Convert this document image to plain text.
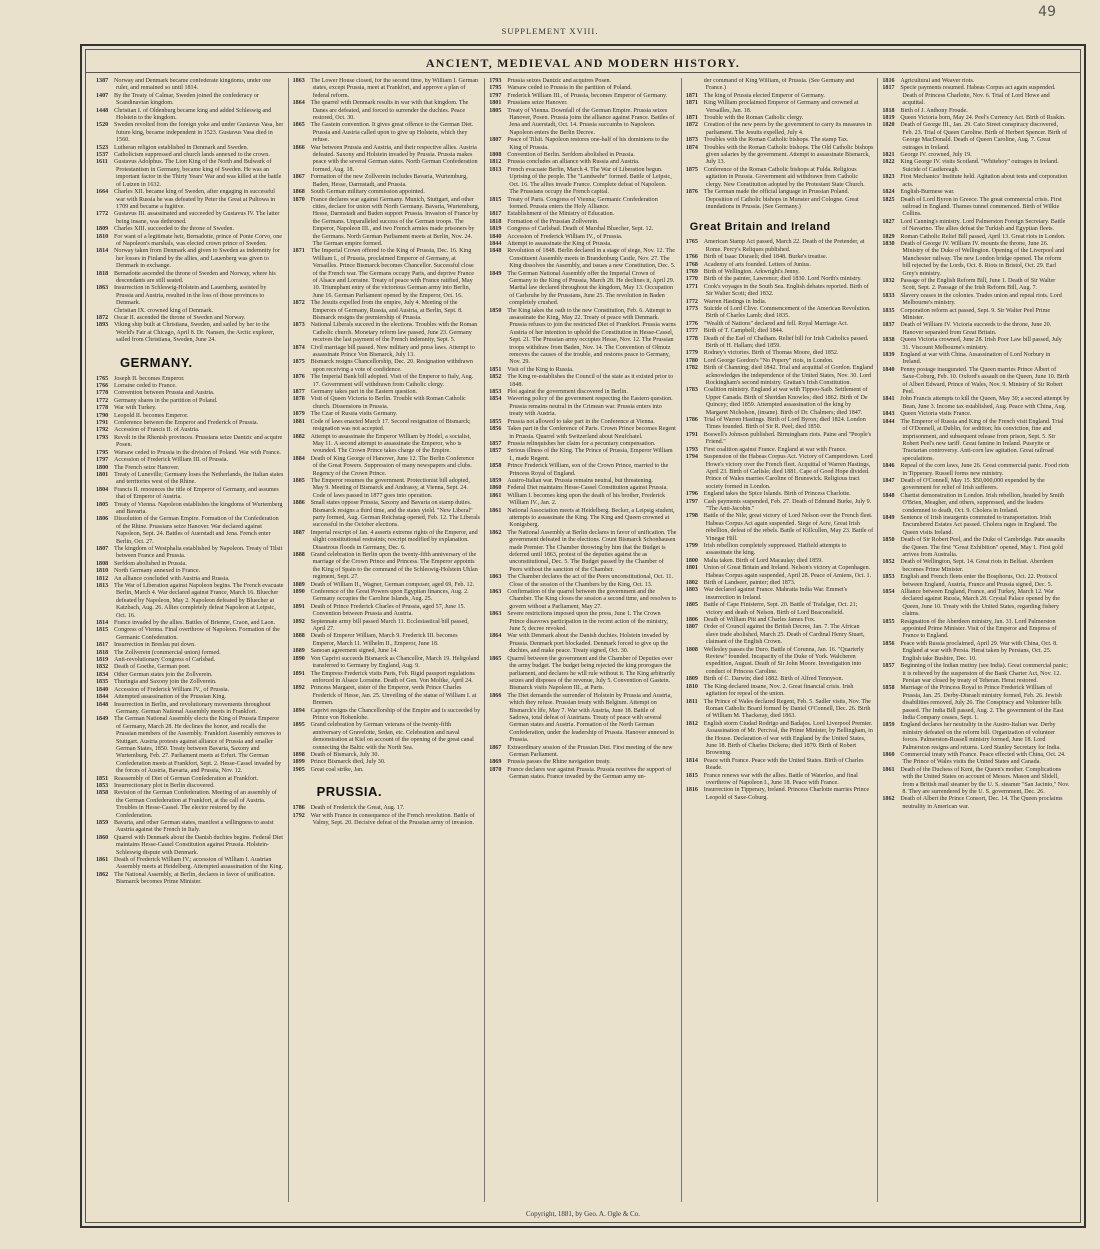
49
SUPPLEMENT XVIII.
ANCIENT, MEDIEVAL AND MODERN HISTORY.

1387 Norway and Denmark became confederate kingdoms, under one ruler, and remained so until 1814.

1407 By the Treaty of Calmar, Sweden joined the confederacy or Scandinavian kingdom.

1448 Christian I. of Oldenburg became king and added Schleswig and Holstein to the kingdom.

1520 Sweden revolted from the foreign yoke and under Gustavus Vasa, her future king, became independent in 1523. Gustavus Vasa died in 1560.

1523 Lutheran religion established in Denmark and Sweden.

1537 Catholicism suppressed and church lands annexed to the crown.

1611 Gustavus Adolphus. The Lion King of the North and Bulwark of Protestantism in Germany, became king of Sweden. He was an important factor in the Thirty Years' War and was killed at the battle of Lutzen in 1632.

1664 Charles XII. became king of Sweden, after engaging in successful war with Russia he was defeated by Peter the Great at Pultowa in 1709 and became a fugitive.

1772 Gustavus III. assassinated and succeeded by Gustavus IV. The latter being insane, was dethroned.

1809 Charles XIII. succeeded to the throne of Sweden.

1810 For want of a legitimate heir, Bernadotte, prince of Ponte Corvo, one of Napoleon's marshals, was elected crown prince of Sweden.

1814 Norway taken from Denmark and given to Sweden as indemnity for her losses in Finland by the allies, and Lauenberg was given to Denmark in exchange.

1818 Bernadotte ascended the throne of Sweden and Norway, where his descendants are still seated.

1863 Insurrection in Schleswig-Holstein and Lauenberg, assisted by Prussia and Austria, resulted in the loss of those provinces to Denmark.

Christian IX. crowned king of Denmark.

1872 Oscar II. ascended the throne of Sweden and Norway.

1893 Viking ship built at Christiana, Sweden, and sailed by her to the World's Fair at Chicago, April 8. Dr. Nansen, the Arctic explorer, sailed from Christiana, Sweden, June 24.

GERMANY.

1765 Joseph II. becomes Emperor.

1766 Lorraine ceded to France.

1778 Convention between Prussia and Austria.

1772 Germany shares in the partition of Poland.

1778 War with Turkey.

1790 Leopold II. becomes Emperor.

1791 Conference between the Emperor and Frederick of Prussia.

1792 Accession of Francis II. of Austria.

1793 Revolt in the Rhenish provinces. Prussians seize Dantzic and acquire Posen.

1795 Warsaw ceded to Prussia in the division of Poland. War with France.

1797 Accession of Frederick William III. of Prussia.

1800 The French seize Hanover.

1801 Treaty of Luneville; Germany loses the Netherlands, the Italian states and territories west of the Rhine.

1804 Francis II. renounces the title of Emperor of Germany, and assumes that of Emperor of Austria.

1805 Treaty of Vienna. Napoleon establishes the kingdoms of Wurtemberg and Bavaria.

1806 Dissolution of the German Empire. Formation of the Confederation of the Rhine. Prussians seize Hanover. War declared against Napoleon, Sept. 24. Battles of Auerstadt and Jena. French enter Berlin, Oct. 27.

1807 The kingdom of Westphalia established by Napoleon. Treaty of Tilsit between France and Prussia.

1808 Serfdom abolished in Prussia.

1810 North Germany annexed to France.

1812 An alliance concluded with Austria and Russia.

1813 The War of Liberation against Napoleon begins. The French evacuate Berlin, March 4. War declared against France, March 16. Bluecher defeated by Napoleon, May 2. Napoleon defeated by Bluecher at Katzbach, Aug. 26. Allies completely defeat Napoleon at Leipsic, Oct. 16.

1814 France invaded by the allies. Battles of Brienne, Craon, and Laon.

1815 Congress of Vienna. Final overthrow of Napoleon. Formation of the Germanic Confederation.

1817 Insurrection in Breslau put down.

1818 The Zollverein (commercial union) formed.

1819 Anti-revolutionary Congress of Carlsbad.

1832 Death of Goethe, German poet.

1834 Other German states join the Zollverein.

1835 Thuringia and Saxony join the Zollverein.

1840 Accession of Frederick William IV., of Prussia.

1844 Attempted assassination of the Prussian King.

1848 Insurrection in Berlin, and revolutionary movements throughout Germany. German National Assembly meets in Frankfort.

1849 The German National Assembly elects the King of Prussia Emperor of Germany, March 28. He declines the honor, and recalls the Prussian members of the Assembly. Frankfort Assembly removes to Stuttgart. Austria protests against alliance of Prussia and smaller German States, 1850. Treaty between Bavaria, Saxony and Wurtemburg, Feb. 27. Parliament meets at Erfurt. The German Confederation meets at Frankfort, Sept. 2. Hesse-Cassel invaded by the forces of Austria, Bavaria, and Prussia, Nov. 12.

1851 Reassembly of Diet of German Confederation at Frankfort.

1853 Insurrectionary plot in Berlin discovered.

1858 Revision of the German Confederation. Meeting of an assembly of the German Confederation at Frankfort, at the call of Austria. Troubles in Hesse-Cassel. The elector restored by the Confederation.

1859 Bavaria, and other German states, manifest a willingness to assist Austria against the French in Italy.

1860 Quarrel with Denmark about the Danish duchies begins. Federal Diet maintains Hesse-Cassel Constitution against Prussia. Holstein-Schleswig dispute with Denmark.

1861 Death of Frederick William IV.; accession of William I. Austrian Assembly meets at Heidelberg. Attempted assassination of the King.

1862 The National Assembly, at Berlin, declares in favor of unification. Bismarck becomes Prime Minister.

1863 The Lower House closed, for the second time, by William I. German states, except Prussia, meet at Frankfort, and approve a plan of federal reform.

1864 The quarrel with Denmark results in war with that kingdom. The Danes are defeated, and forced to surrender the duchies. Peace restored, Oct. 30.

1865 The Gastein convention. It gives great offence to the German Diet. Prussia and Austria called upon to give up Holstein, which they refuse.

1866 War between Prussia and Austria, and their respective allies. Austria defeated. Saxony and Holstein invaded by Prussia. Prussia makes peace with the several German states. North German Confederation formed, Aug. 18.

1867 Formation of the new Zollverein includes Bavaria, Wurtemburg, Baden, Hesse, Darmstadt, and Prussia.

1868 South German military commission appointed.

1870 France declares war against Germany. Munich, Stuttgart, and other cities, declare for union with North Germany. Bavaria, Wurtemburg, Hesse, Darmstadt and Baden support Prussia. Invasion of France by the Germans. Unparalleled success of the German troops. The Emperor, Napoleon III., and two French armies made prisoners by the Germans. North German Parliament meets at Berlin, Nov. 24. The German empire formed.

1871 The Imperial Crown offered to the King of Prussia, Dec. 16. King William I., of Prussia, proclaimed Emperor of Germany, at Versailles. Prince Bismarck becomes Chancellor. Successful close of the French war. The Germans occupy Paris, and deprive France of Alsace and Lorraine. Treaty of peace with France ratified, May 10. Triumphant entry of the victorious German army into Berlin, June 16. German Parliament opened by the Emperor, Oct. 16.

1872 The Jesuits expelled from the empire, July 4. Meeting of the Emperors of Germany, Russia, and Austria, at Berlin, Sept. 8. Bismarck resigns the premiership of Prussia.

1873 National Liberals succeed in the elections. Troubles with the Roman Catholic church. Monetary reform law passed, June 23. Germany receives the last payment of the French indemnity, Sept. 5.

1874 Civil marriage bill passed. New military and press laws. Attempt to assassinate Prince Von Bismarck, July 13.

1875 Bismarck resigns Chancellorship, Dec. 20. Resignation withdrawn upon receiving a vote of confidence.

1876 The Imperial Bank bill adopted. Visit of the Emperor to Italy, Aug. 17. Government will withdrawn from Catholic clergy.

1877 Germany takes part in the Eastern question.

1878 Visit of Queen Victoria to Berlin. Trouble with Roman Catholic church. Dissensions in Prussia.

1879 The Czar of Russia visits Germany.

1881 Code of laws enacted March 17. Second resignation of Bismarck; resignation was not accepted.

1882 Attempt to assassinate the Emperor William by Hodel, a socialist, May 11. A second attempt to assassinate the Emperor, who is wounded. The Crown Prince takes charge of the Empire.

1884 Death of King George of Hanover, June 12. The Berlin Conference of the Great Powers. Suppression of many newspapers and clubs. Regency of the Crown Prince.

1885 The Emperor resumes the government. Protectionist bill adopted, May 9. Meeting of Bismarck and Andrassy, at Vienna, Sept. 24. Code of laws passed in 1877 goes into operation.

1886 Small states oppose Prussia, Saxony and Bavaria on stamp duties. Bismarck resigns a third time, and the states yield. "New Liberal" party formed, Aug. German Reichstag opened, Feb. 12. The Liberals successful in the October elections.

1887 Imperial rescript of Jan. 4 asserts extreme rights of the Emperor, and slight constitutional restraints; rescript modified by explanation. Disastrous floods in Germany, Dec. 6.

1888 Grand celebration in Berlin upon the twenty-fifth anniversary of the marriage of the Crown Prince and Princess. The Emperor appoints the King of Spain to the command of the Schleswig-Holstein Uhlan regiment, Sept. 27.

1889 Death of William II., Wagner, German composer, aged 69, Feb. 12.

1890 Conference of the Great Powers upon Egyptian finances, Aug. 2. Germany occupies the Caroline Islands, Aug. 25.

1891 Death of Prince Frederick Charles of Prussia, aged 57, June 15. Convention between Prussia and Austria.

1892 Septennate army bill passed March 11. Ecclesiastical bill passed, April 27.

1888 Death of Emperor William, March 9. Frederick III. becomes Emperor, March 11. Wilhelm II., Emperor, June 18.

1889 Samoan agreement signed, June 14.

1890 Von Caprivi succeeds Bismarck as Chancellor, March 19. Heligoland transferred to Germany by England, Aug. 9.

1891 The Empress Frederick visits Paris, Feb. Rigid passport regulations enforced in Alsace Lorraine. Death of Gen. Von Moltke, April 24.

1892 Princess Margaret, sister of the Emperor, weds Prince Charles Frederick of Hesse, Jan. 25. Unveiling of the statue of William I. at Bremen.

1894 Caprivi resigns the Chancellorship of the Empire and is succeeded by Prince von Hohenlohe.

1895 Grand celebration by German veterans of the twenty-fifth anniversary of Gravelotte, Sedan, etc. Celebration and naval demonstration at Kiel on account of the opening of the great canal connecting the Baltic with the North Sea.

1898 Death of Bismarck, July 30.

1899 Prince Bismarck died, July 30.

1905 Great coal strike, Jan.

PRUSSIA.

1786 Death of Frederick the Great, Aug. 17.

1792 War with France in consequence of the French revolution. Battle of Valmy, Sept. 20. Decisive defeat of the Prussian army of invasion.

1793 Prussia seizes Dantzic and acquires Posen.

1795 Warsaw ceded to Prussia in the partition of Poland.

1797 Frederick William III., of Prussia, becomes Emperor of Germany.

1801 Prussians seize Hanover.

1805 Treaty of Vienna. Downfall of the German Empire. Prussia seizes Hanover, Posen. Prussia joins the alliance against France. Battles of Jena and Auerstadt, Oct. 14. Prussia succumbs to Napoleon. Napoleon enters the Berlin Decree.

1807 Peace of Tilsit. Napoleon restores one-half of his dominions to the King of Prussia.

1808 Convention of Berlin. Serfdom abolished in Prussia.

1812 Prussia concludes an alliance with Russia and Austria.

1813 French evacuate Berlin, March 4. The War of Liberation begun. Uprising of the people. The "Landwehr" formed. Battle of Leipsic, Oct. 16. The allies invade France. Complete defeat of Napoleon. The Prussians occupy the French capital.

1815 Treaty of Paris. Congress of Vienna; Germanic Confederation formed. Prussia enters the Holy Alliance.

1817 Establishment of the Ministry of Education.

1818 Formation of the Prussian Zollverein.

1819 Congress of Carlsbad. Death of Marshal Bluecher, Sept. 12.

1840 Accession of Frederick William IV., of Prussia.

1844 Attempt to assassinate the King of Prussia.

1848 Revolution of 1848. Berlin declared in a stage of siege, Nov. 12. The Constituent Assembly meets in Brandenburg Castle, Nov. 27. The King dissolves the Assembly, and issues a new Constitution, Dec. 5.

1849 The German National Assembly offer the Imperial Crown of Germany to the King of Prussia, March 28. He declines it, April 29. Martial law declared throughout the kingdom, May 13. Occupation of Carlsruhe by the Prussians, June 25. The revolution in Baden completely crushed.

1850 The King takes the oath to the new Constitution, Feb. 6. Attempt to assassinate the King, May 22. Treaty of peace with Denmark. Prussia refuses to join the restricted Diet of Frankfort. Prussia warns Austria of her intention to uphold the Constitution in Hesse-Cassel, Sept. 21. The Prussian army occupies Hesse, Nov. 12. The Prussian troops withdraw from Baden, Nov. 14. The Convention of Olmutz removes the causes of the trouble, and restores peace to Germany, Nov. 29.

1851 Visit of the King to Russia.

1852 The King re-establishes the Council of the state as it existed prior to 1848.

1853 Plot against the government discovered in Berlin.

1854 Wavering policy of the government respecting the Eastern question. Prussia remains neutral in the Crimean war. Prussia enters into treaty with Austria.

1855 Prussia not allowed to take part in the Conference at Vienna.

1856 Takes part in the Conference of Paris. Crown Prince becomes Regent in Prussia. Quarrel with Switzerland about Neufchatel.

1857 Prussia relinquishes her claim for a pecuniary compensation.

1857 Serious illness of the King. The Prince of Prussia, Emperor William I., made Regent.

1858 Prince Frederick William, son of the Crown Prince, married to the Princess Royal of England.

1859 Austro-Italian war. Prussia remains neutral, but threatening.

1860 Federal Diet maintains Hesse-Cassel Constitution against Prussia.

1861 William I. becomes king upon the death of his brother, Frederick William IV., Jan. 2.

1861 National Association meets at Heidelberg. Becker, a Leipsig student, attempts to assassinate the King. The King and Queen crowned at Konigsberg.

1862 The National Assembly at Berlin declares in favor of unification. The government defeated in the elections. Count Bismarck Schonhausen made Premier. The Chamber throwing by him that the Budget is deferred until 1863, protest of the deputies against the as unconstitutional, Dec. 5. The Budget passed by the Chamber of Peers without the sanction of the Chamber.

1863 The Chamber declares the act of the Peers unconstitutional, Oct. 11. Close of the session of the Chambers by the King, Oct. 13.

1863 Confirmation of the quarrel between the government and the Chamber. The King closes the session a second time, and resolves to govern without a Parliament, May 27.

1863 Severe restrictions imposed upon the press, June 1. The Crown Prince disavows participation in the recent action of the ministry, June 5; decree revoked.

1864 War with Denmark about the Danish duchies. Holstein invaded by Prussia. Denmark port blockaded. Denmark forced to give up the duchies, and make peace. Treaty signed, Oct. 30.

1865 Quarrel between the government and the Chamber of Deputies over the army budget. The budget being rejected the king prorogues the parliament, and declares he will rule without it. The King arbitrarily seizes and disposes of the revenue, July 5. Convention of Gastein. Bismarck visits Napoleon III., at Paris.

1866 The Diet demands the surrender of Holstein by Prussia and Austria, which they refuse. Prussian treaty with Belgium. Attempt on Bismarck's life, May 7. War with Austria, June 18. Battle of Sadowa, total defeat of Austrians. Treaty of peace with several German states and Austria. Formation of the North German Confederation, under the leadership of Prussia. Hanover annexed to Prussia.

1867 Extraordinary session of the Prussian Diet. First meeting of the new German Parliament.

1869 Prussia passes the Rhine navigation treaty.

1870 France declares war against Prussia. Prussia receives the support of German states. France invaded by the German army un-

der command of King William, of Prussia. (See Germany and France.)

1871 The king of Prussia elected Emperor of Germany.

1871 King William proclaimed Emperor of Germany and crowned at Versailles, Jan. 18.

1871 Trouble with the Roman Catholic clergy.

1872 Creation of the new peers by the government to carry its measures in parliament. The Jesuits expelled, July 4.

1873 Troubles with the Roman Catholic bishops. The stamp Tax.

1874 Troubles with the Roman Catholic bishops. The Old Catholic bishops given salaries by the government. Attempt to assassinate Bismarck, July 13.

1875 Conference of the Roman Catholic bishops at Fulda. Religious agitation in Prussia. Government aid withdrawn from Catholic clergy. New Constitution adopted by the Protestant State Church.

1876 The German made the official language in Prussian Poland. Deposition of Catholic bishops in Munster and Cologne. Great inundations in Prussia. (See Germany.)

Great Britain and Ireland

1765 American Stamp Act passed, March 22. Death of the Pretender, at Rome. Percy's Reliques published.

1766 Birth of Isaac Disraeli; died 1848. Burke's treatise.

1768 Academy of arts founded. Letters of Junius.

1769 Birth of Wellington. Arkwright's Jenny.

1770 Birth of the painter, Lawrence; died 1830. Lord North's ministry.

1771 Cook's voyages in the South Sea. English debates reported. Birth of Sir Walter Scott; died 1832.

1772 Warren Hastings in India.

1773 Suicide of Lord Clive. Commencement of the American Revolution. Birth of Charles Lamb; died 1835.

1776 "Wealth of Nations" declared and fell. Royal Marriage Act.

1777 Birth of T. Campbell; died 1844.

1778 Death of the Earl of Chatham. Relief bill for Irish Catholics passed. Birth of H. Hallam; died 1859.

1779 Rodney's victories. Birth of Thomas Moore, died 1852.

1780 Lord George Gordon's "No Popery" riots, in London.

1782 Birth of Channing; died 1842. Trial and acquittal of Gordon. England acknowledges the independence of the United States, Nov. 30. Lord Rockingham's second ministry. Grattan's Irish Constitution.

1783 Coalition ministry. England at war with Tippoo-Saib. Settlement of Upper Canada. Birth of Sheridan Knowles; died 1862. Birth of De Quincey; died 1859. Attempted assassination of the king by Margaret Nicholson, (insane). Birth of Dr. Chalmers; died 1847.

1786 Trial of Warren Hastings. Birth of Lord Byron; died 1824. London Times founded. Birth of Sir R. Peel; died 1850.

1791 Boswell's Johnson published. Birmingham riots. Paine and "People's Friend."

1793 First coalition against France. England at war with France.

1794 Suspension of the Habeas Corpus Act. Victory of Camperdown. Lord Howe's victory over the French fleet. Acquittal of Warren Hastings, April 23. Birth of Carlisle; died 1881. Cape of Good Hope divided. Prince of Wales marries Caroline of Brunswick. Religious tract society formed in London.

1796 England takes the Spice Islands. Birth of Princess Charlotte.

1797 Cash payments suspended, Feb. 27. Death of Edmund Burke, July 9. "The Anti-Jacobin."

1798 Battle of the Nile; great victory of Lord Nelson over the French fleet. Habeas Corpus Act again suspended. Siege of Acre, Great Irish rebellion, defeat of the rebels. Battle of Killcullen, May 23. Battle of Vinegar Hill.

1799 Irish rebellion completely suppressed. Hatfield attempts to assassinate the king.

1800 Malta taken. Birth of Lord Macaulay; died 1859.

1801 Union of Great Britain and Ireland. Nelson's victory at Copenhagen. Habeas Corpus again suspended, April 28. Peace of Amiens, Oct. 1.

1802 Birth of Landseer, painter; died 1873.

1803 War declared against France. Mahratta India War. Emmet's insurrection in Ireland.

1805 Battle of Cape Finisterre, Sept. 20. Battle of Trafalgar, Oct. 21; victory and death of Nelson. Birth of Lord Beaconsfield.

1806 Death of William Pitt and Charles James Fox.

1807 Order of Council against the British Decree, Jan. 7. The African slave trade abolished, March 25. Death of Cardinal Henry Stuart, claimant of the English Crown.

1808 Wellesley passes the Duro. Battle of Corunna, Jan. 16. "Quarterly Review" founded. Incapacity of the Duke of York. Walcheren expedition, August. Death of Sir John Moore. Investigation into conduct of Princess Caroline.

1809 Birth of C. Darwin; died 1882. Birth of Alfred Tennyson.

1810 The King declared insane, Nov. 2. Great financial crisis. Irish agitation for repeal of the union.

1811 The Prince of Wales declared Regent, Feb. 5. Sadler visits, Nov. The Roman Catholic Board formed by Daniel O'Connell, Dec. 26. Birth of William M. Thackeray, died 1863.

1812 English storm Ciudad Rodrigo and Badajos. Lord Liverpool Premier. Assassination of Mr. Percival, the Prime Minister, by Bellingham, in the House. Declaration of war with England by the United States, June 18. Birth of Charles Dickens; died 1870. Birth of Robert Browning.

1814 Peace with France. Peace with the United States. Birth of Charles Reade.

1815 France renews war with the allies. Battle of Waterloo, and final overthrow of Napoleon I., June 18. Peace with France.

1816 Insurrection in Tipperary, Ireland. Princess Charlotte marries Prince Leopold of Saxe-Coburg.

1816 Agricultural and Weaver riots.

1817 Specie payments resumed. Habeas Corpus act again suspended. Death of Princess Charlotte, Nov. 6. Trial of Lord Howe and acquittal.

1818 Birth of J. Anthony Froude.

1819 Queen Victoria born, May 24. Peel's Currency Act. Birth of Ruskin.

1820 Death of George III., Jan. 29. Cato Street conspiracy discovered, Feb. 23. Trial of Queen Caroline. Birth of Herbert Spencer. Birth of George MacDonald. Death of Queen Caroline, Aug. 7. Great outrages in Ireland.

1821 George IV. crowned, July 19.

1822 King George IV. visits Scotland. "Whiteboy" outrages in Ireland. Suicide of Castlereagh.

1823 First Mechanics' Institute held. Agitation about tests and corporation acts.

1824 English-Burmese war.

1825 Death of Lord Byron in Greece. The great commercial crisis. First railroad in England. Thames tunnel commenced. Birth of Wilkie Collins.

1827 Lord Canning's ministry. Lord Palmerston Foreign Secretary. Battle of Navarino. The allies defeat the Turkish and Egyptian fleets.

1829 Roman Catholic Relief Bill passed, April 13. Great riots in London.

1830 Death of George IV. William IV. mounts the throne, June 26. Ministry of the Duke of Wellington. Opening of the Liverpool and Manchester railway. The new London bridge opened. The reform bill rejected by the Lords, Oct. 8. Riots in Bristol, Oct. 29. Earl Grey's ministry.

1832 Passage of the English Reform Bill, June 1. Death of Sir Walter Scott, Sept. 2. Passage of the Irish Reform Bill, Aug. 7.

1833 Slavery ceases in the colonies. Trades union and repeal riots. Lord Melbourne's ministry.

1835 Corporation reform act passed, Sept. 9. Sir Walter Peel Prime Minister.

1837 Death of William IV. Victoria succeeds to the throne, June 20. Hanover separated from Great Britain.

1838 Queen Victoria crowned, June 28. Irish Poor Law bill passed, July 31. Viscount Melbourne's ministry.

1839 England at war with China. Assassination of Lord Norbury in Ireland.

1840 Penny postage inaugurated. The Queen marries Prince Albert of Saxe-Coburg, Feb. 10. Oxford's assault on the Queen, June 10. Birth of Albert Edward, Prince of Wales, Nov. 9. Ministry of Sir Robert Peel.

1841 John Francis attempts to kill the Queen, May 30; a second attempt by Bean, June 3. Income tax established, Aug. Peace with China, Aug.

1843 Queen Victoria visits France.

1844 The Emperor of Russia and King of the French visit England. Trial of O'Donnell, at Dublin, for sedition; his conviction, fine and imprisonment, and subsequent release from prison, Sept. 5. Sir Robert Peel's new tariff. Great famine in Ireland. Puseyite or Tractarian controversy. Anti-corn law agitation. Great railroad speculations.

1846 Repeal of the corn laws, June 26. Great commercial panic. Food riots in Tipperary. Russell forms new ministry.

1847 Death of O'Connell, May 15. $50,000,000 expended by the government for relief of Irish sufferers.

1848 Chartist demonstration in London. Irish rebellion, headed by Smith O'Brien, Meagher, and others, suppressed, and the leaders condemned to death, Oct. 9. Cholera in Ireland.

1849 Sentence of Irish insurgents commuted to transportation. Irish Encumbered Estates Act passed. Cholera rages in England. The Queen visits Ireland.

1850 Death of Sir Robert Peel, and the Duke of Cambridge. Pate assaults the Queen. The first "Great Exhibition" opened, May 1. First gold arrives from Australia.

1852 Death of Wellington, Sept. 14. Great riots in Belfast. Aberdeen becomes Prime Minister.

1853 English and French fleets enter the Bosphorus, Oct. 22. Protocol between England, Austria, France and Prussia signed, Dec. 5.

1854 Alliance between England, France, and Turkey, March 12. War declared against Russia, March 28. Crystal Palace opened by the Queen, June 10. Treaty with the United States, regarding fishery claims.

1855 Resignation of the Aberdeen ministry, Jan. 31. Lord Palmerston appointed Prime Minister. Visit of the Emperor and Empress of France to England.

1856 Peace with Russia proclaimed, April 29. War with China, Oct. 8. England at war with Persia. Herat taken by Persians, Oct. 25. English take Bushire, Dec. 10.

1857 Beginning of the Indian mutiny (see India). Great commercial panic; it is relieved by the suspension of the Bank Charter Act, Nov. 12. Persian war closed by treaty of Teheran. Herat restored.

1858 Marriage of the Princess Royal to Prince Frederick William of Prussia, Jan. 25. Derby-Disraeli ministry formed, Feb. 26. Jewish disabilities removed, July 26. The Conspiracy and Volunteer bills passed. The India Bill passed, Aug. 2. The government of the East India Company ceases, Sept. 1.

1859 England declares her neutrality in the Austro-Italian war. Derby ministry defeated on the reform bill. Organization of volunteer forces. Palmerston-Russell ministry formed, June 18. Lord Palmerston resigns and returns. Lord Stanley Secretary for India.

1860 Commercial treaty with France. Peace effected with China, Oct. 24. The Prince of Wales visits the United States and Canada.

1861 Death of the Duchess of Kent, the Queen's mother. Complications with the United States on account of Messrs. Mason and Slidell, from a British mail steamer by the U. S. steamer "San Jacinto," Nov. 8. They are surrendered by the U. S. government, Dec. 26.

1862 Death of Albert the Prince Consort, Dec. 14. The Queen proclaims neutrality in American war.

Copyright, 1881, by Geo. A. Ogle & Co.
